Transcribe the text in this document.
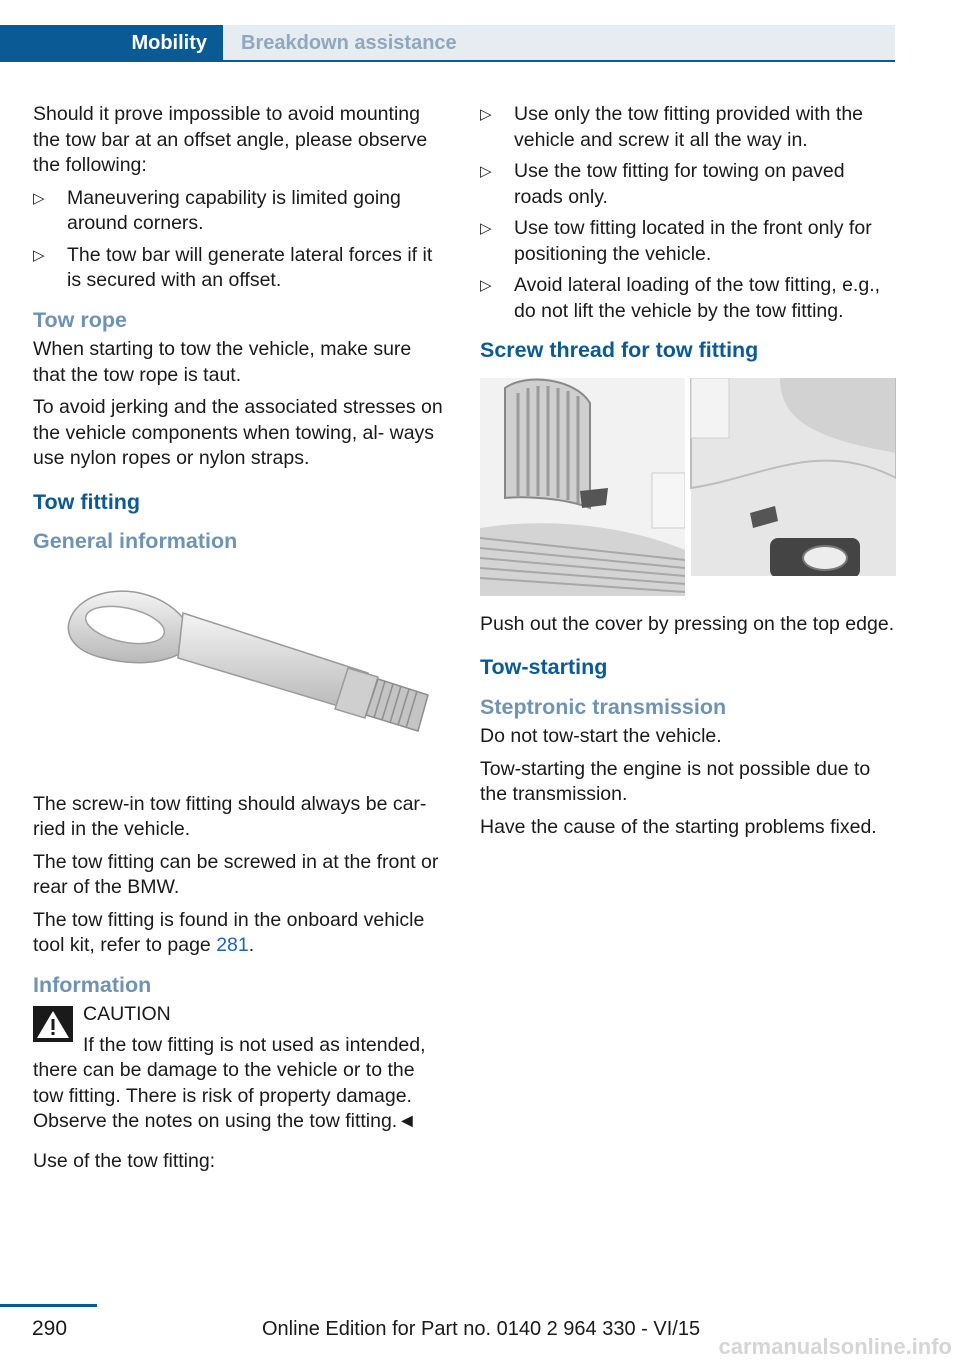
Mobility	Breakdown assistance

Should it prove impossible to avoid mounting the tow bar at an offset angle, please observe the following:

▷ Maneuvering capability is limited going around corners.
▷ The tow bar will generate lateral forces if it is secured with an offset.
Tow rope

When starting to tow the vehicle, make sure that the tow rope is taut.

To avoid jerking and the associated stresses on the vehicle components when towing, al‐ ways use nylon ropes or nylon straps.

Tow fitting
General information

The screw-in tow fitting should always be car‐ ried in the vehicle.

The tow fitting can be screwed in at the front or rear of the BMW.

The tow fitting is found in the onboard vehicle tool kit, refer to page 281.

Information
CAUTION
If the tow fitting is not used as intended, there can be damage to the vehicle or to the tow fitting. There is risk of property damage. Observe the notes on using the tow fitting.◄

Use of the tow fitting:

▷ Use only the tow fitting provided with the vehicle and screw it all the way in.
▷ Use the tow fitting for towing on paved roads only.
▷ Use tow fitting located in the front only for positioning the vehicle.
▷ Avoid lateral loading of the tow fitting, e.g., do not lift the vehicle by the tow fitting.
Screw thread for tow fitting

Push out the cover by pressing on the top edge.

Tow-starting
Steptronic transmission

Do not tow-start the vehicle.

Tow-starting the engine is not possible due to the transmission.

Have the cause of the starting problems fixed.

290	Online Edition for Part no. 0140 2 964 330 - VI/15
carmanualsonline.info
